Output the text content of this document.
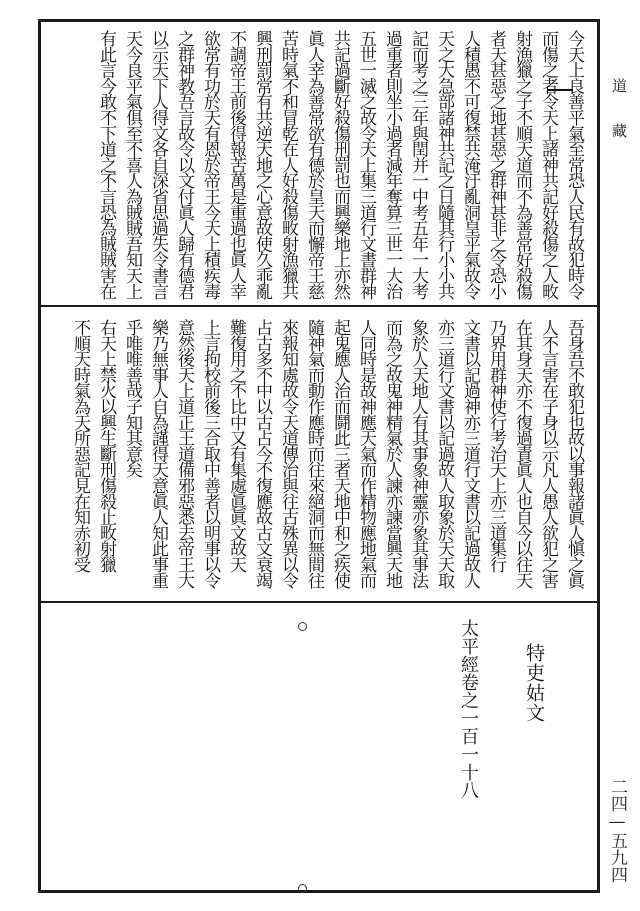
今天上良善平氣至常恐人民有故犯時令
而傷之者令天上諸神共記好殺傷之人畋
射漁獵之子不順天道而不為善常好殺傷
者天甚惡之地甚惡之群神甚非之令恐小
人積愚不可復禁共淹汙亂洞皇平氣故令
天之大急部諸神共記之日隨其行小小共
記而考之三年與閏并一中考五年一大考
過重者則坐小過者減年奪算三世一大治
五世一滅之故令天上集三道行文書群神
共記過斷好殺傷刑罰也而興樂地上亦然
眞人幸為善常欲有德於皇天而懈帝王慈
苦時氣不和冒乾在人好殺傷畋射漁獵共
興刑罰常有共逆天地之心意故使久乖亂
不調帝王前後得報苦萬是重過也眞人幸
欲常有功於天有恩於帝王今天上積疾毒
之群神教吾言故令以文付眞人歸有德君
以示天下人得文各自深省思過失令書言
天今良平氣俱至不喜人為賊賊吾知天上
有此言今敢不下道之不言恐為賊賊害在
吾身吾不敢犯也故以事報諸眞人愼之眞
人不言害在子身以示凡人愚人欲犯之害
在其身天亦不復過責眞人也自今以往天
乃界用群神使行考治天上亦三道集行
文書以記過神亦三道行文書以記過故人
亦三道行文書以記過故人取象於天天取
象於人天地人有其事象神靈亦象其事法
而為之故鬼神精氣於人諫亦諫當興天地
人同時是故神應天氣而作精物應地氣而
起鬼應人治而鬪此三者天地中和之疾使
隨神氣而動作應時而往來絕洞而無間往
來報知處故令天道傳治與往古殊異以令
占古多不中以古占今不復應故古文衰竭
難復用之不比中又有集處眞眞文故天
上言拘校前後三合取中善者以明事以令
意然後天上道正王道備邪惡悉去帝王大
樂乃無事人自為謹得天意眞人知此事重
乎唯唯善哉子知其意矣
右天上禁火以興生斷刑傷殺止畋射獵
不順天時氣為天所惡記見在知赤初受
特吏姑文
太平經卷之一百一十八
道藏
二四—五九四
